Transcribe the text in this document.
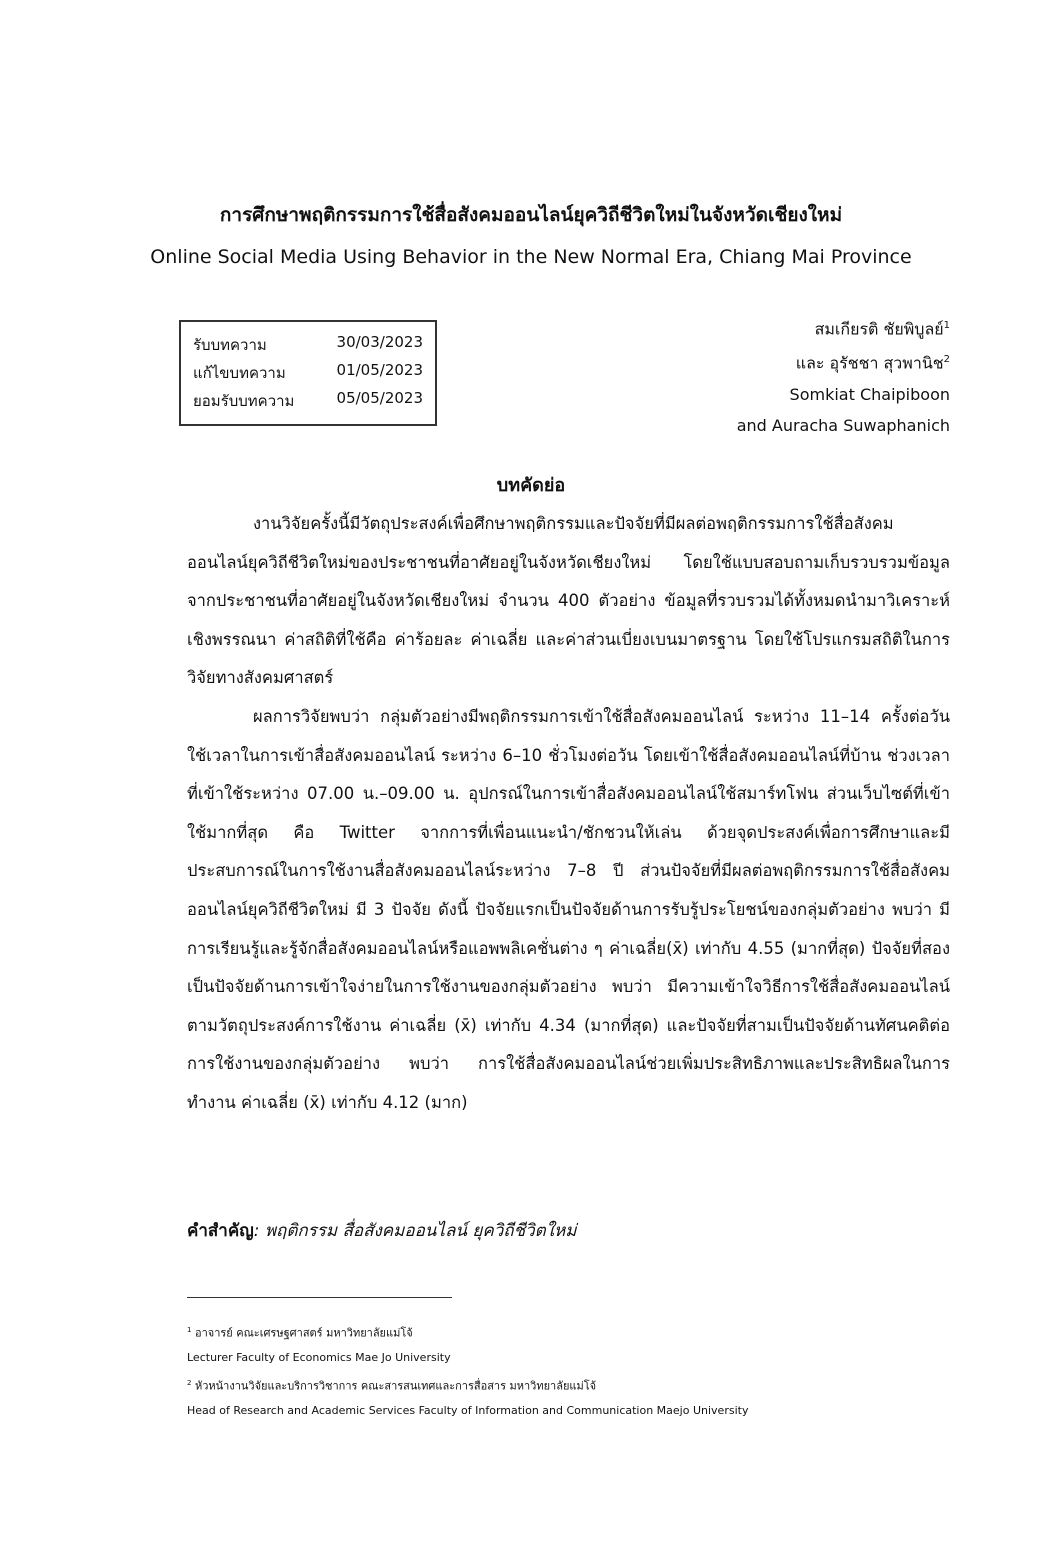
การศึกษาพฤติกรรมการใช้สื่อสังคมออนไลน์ยุควิถีชีวิตใหม่ในจังหวัดเชียงใหม่
Online Social Media Using Behavior in the New Normal Era, Chiang Mai Province
รับบทความ	30/03/2023
แก้ไขบทความ	01/05/2023
ยอมรับบทความ	05/05/2023
สมเกียรติ ชัยพิบูลย์$^1$
และ อุรัชชา สุวพานิช$^2$
Somkiat Chaipiboon
and Auracha Suwaphanich
บทคัดย่อ

งานวิจัยครั้งนี้มีวัตถุประสงค์เพื่อศึกษาพฤติกรรมและปัจจัยที่มีผลต่อพฤติกรรมการใช้สื่อสังคมออนไลน์ยุควิถีชีวิตใหม่ของประชาชนที่อาศัยอยู่ในจังหวัดเชียงใหม่ โดยใช้แบบสอบถามเก็บรวบรวมข้อมูลจากประชาชนที่อาศัยอยู่ในจังหวัดเชียงใหม่ จำนวน 400 ตัวอย่าง ข้อมูลที่รวบรวมได้ทั้งหมดนำมาวิเคราะห์เชิงพรรณนา ค่าสถิติที่ใช้คือ ค่าร้อยละ ค่าเฉลี่ย และค่าส่วนเบี่ยงเบนมาตรฐาน โดยใช้โปรแกรมสถิติในการวิจัยทางสังคมศาสตร์

ผลการวิจัยพบว่า กลุ่มตัวอย่างมีพฤติกรรมการเข้าใช้สื่อสังคมออนไลน์ ระหว่าง 11–14 ครั้งต่อวัน ใช้เวลาในการเข้าสื่อสังคมออนไลน์ ระหว่าง 6–10 ชั่วโมงต่อวัน โดยเข้าใช้สื่อสังคมออนไลน์ที่บ้าน ช่วงเวลาที่เข้าใช้ระหว่าง 07.00 น.–09.00 น. อุปกรณ์ในการเข้าสื่อสังคมออนไลน์ใช้สมาร์ทโฟน ส่วนเว็บไซต์ที่เข้าใช้มากที่สุด คือ Twitter จากการที่เพื่อนแนะนำ/ชักชวนให้เล่น ด้วยจุดประสงค์เพื่อการศึกษาและมีประสบการณ์ในการใช้งานสื่อสังคมออนไลน์ระหว่าง 7–8 ปี ส่วนปัจจัยที่มีผลต่อพฤติกรรมการใช้สื่อสังคมออนไลน์ยุควิถีชีวิตใหม่ มี 3 ปัจจัย ดังนี้ ปัจจัยแรกเป็นปัจจัยด้านการรับรู้ประโยชน์ของกลุ่มตัวอย่าง พบว่า มีการเรียนรู้และรู้จักสื่อสังคมออนไลน์หรือแอพพลิเคชั่นต่าง ๆ ค่าเฉลี่ย(x̄) เท่ากับ 4.55 (มากที่สุด) ปัจจัยที่สองเป็นปัจจัยด้านการเข้าใจง่ายในการใช้งานของกลุ่มตัวอย่าง พบว่า มีความเข้าใจวิธีการใช้สื่อสังคมออนไลน์ตามวัตถุประสงค์การใช้งาน ค่าเฉลี่ย (x̄) เท่ากับ 4.34 (มากที่สุด) และปัจจัยที่สามเป็นปัจจัยด้านทัศนคติต่อการใช้งานของกลุ่มตัวอย่าง พบว่า การใช้สื่อสังคมออนไลน์ช่วยเพิ่มประสิทธิภาพและประสิทธิผลในการทำงาน ค่าเฉลี่ย (x̄) เท่ากับ 4.12 (มาก)

คำสำคัญ: พฤติกรรม สื่อสังคมออนไลน์ ยุควิถีชีวิตใหม่
$^1$ อาจารย์ คณะเศรษฐศาสตร์ มหาวิทยาลัยแม่โจ้
Lecturer Faculty of Economics Mae Jo University
$^2$ หัวหน้างานวิจัยและบริการวิชาการ คณะสารสนเทศและการสื่อสาร มหาวิทยาลัยแม่โจ้
Head of Research and Academic Services Faculty of Information and Communication Maejo University
